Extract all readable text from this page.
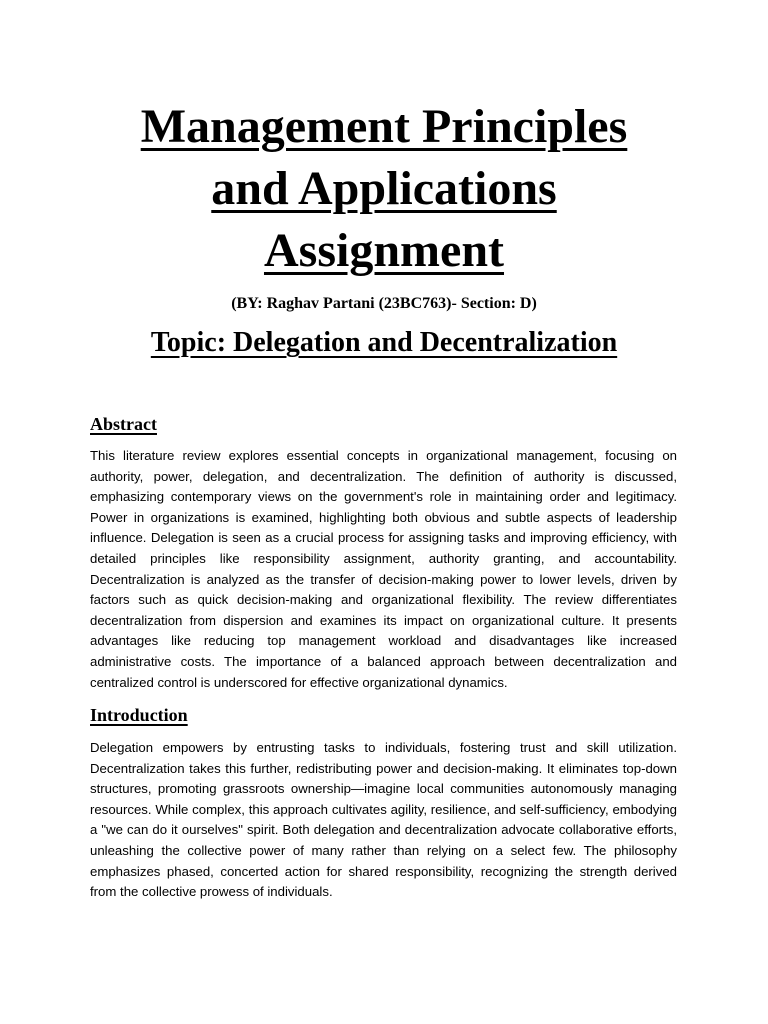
Management Principles
and Applications
Assignment

(BY: Raghav Partani (23BC763)- Section: D)

Topic: Delegation and Decentralization
Abstract

This literature review explores essential concepts in organizational management, focusing on authority, power, delegation, and decentralization. The definition of authority is discussed, emphasizing contemporary views on the government's role in maintaining order and legitimacy. Power in organizations is examined, highlighting both obvious and subtle aspects of leadership influence. Delegation is seen as a crucial process for assigning tasks and improving efficiency, with detailed principles like responsibility assignment, authority granting, and accountability. Decentralization is analyzed as the transfer of decision-making power to lower levels, driven by factors such as quick decision-making and organizational flexibility. The review differentiates decentralization from dispersion and examines its impact on organizational culture. It presents advantages like reducing top management workload and disadvantages like increased administrative costs. The importance of a balanced approach between decentralization and centralized control is underscored for effective organizational dynamics.

Introduction

Delegation empowers by entrusting tasks to individuals, fostering trust and skill utilization. Decentralization takes this further, redistributing power and decision-making. It eliminates top-down structures, promoting grassroots ownership—imagine local communities autonomously managing resources. While complex, this approach cultivates agility, resilience, and self-sufficiency, embodying a "we can do it ourselves" spirit. Both delegation and decentralization advocate collaborative efforts, unleashing the collective power of many rather than relying on a select few. The philosophy emphasizes phased, concerted action for shared responsibility, recognizing the strength derived from the collective prowess of individuals.
